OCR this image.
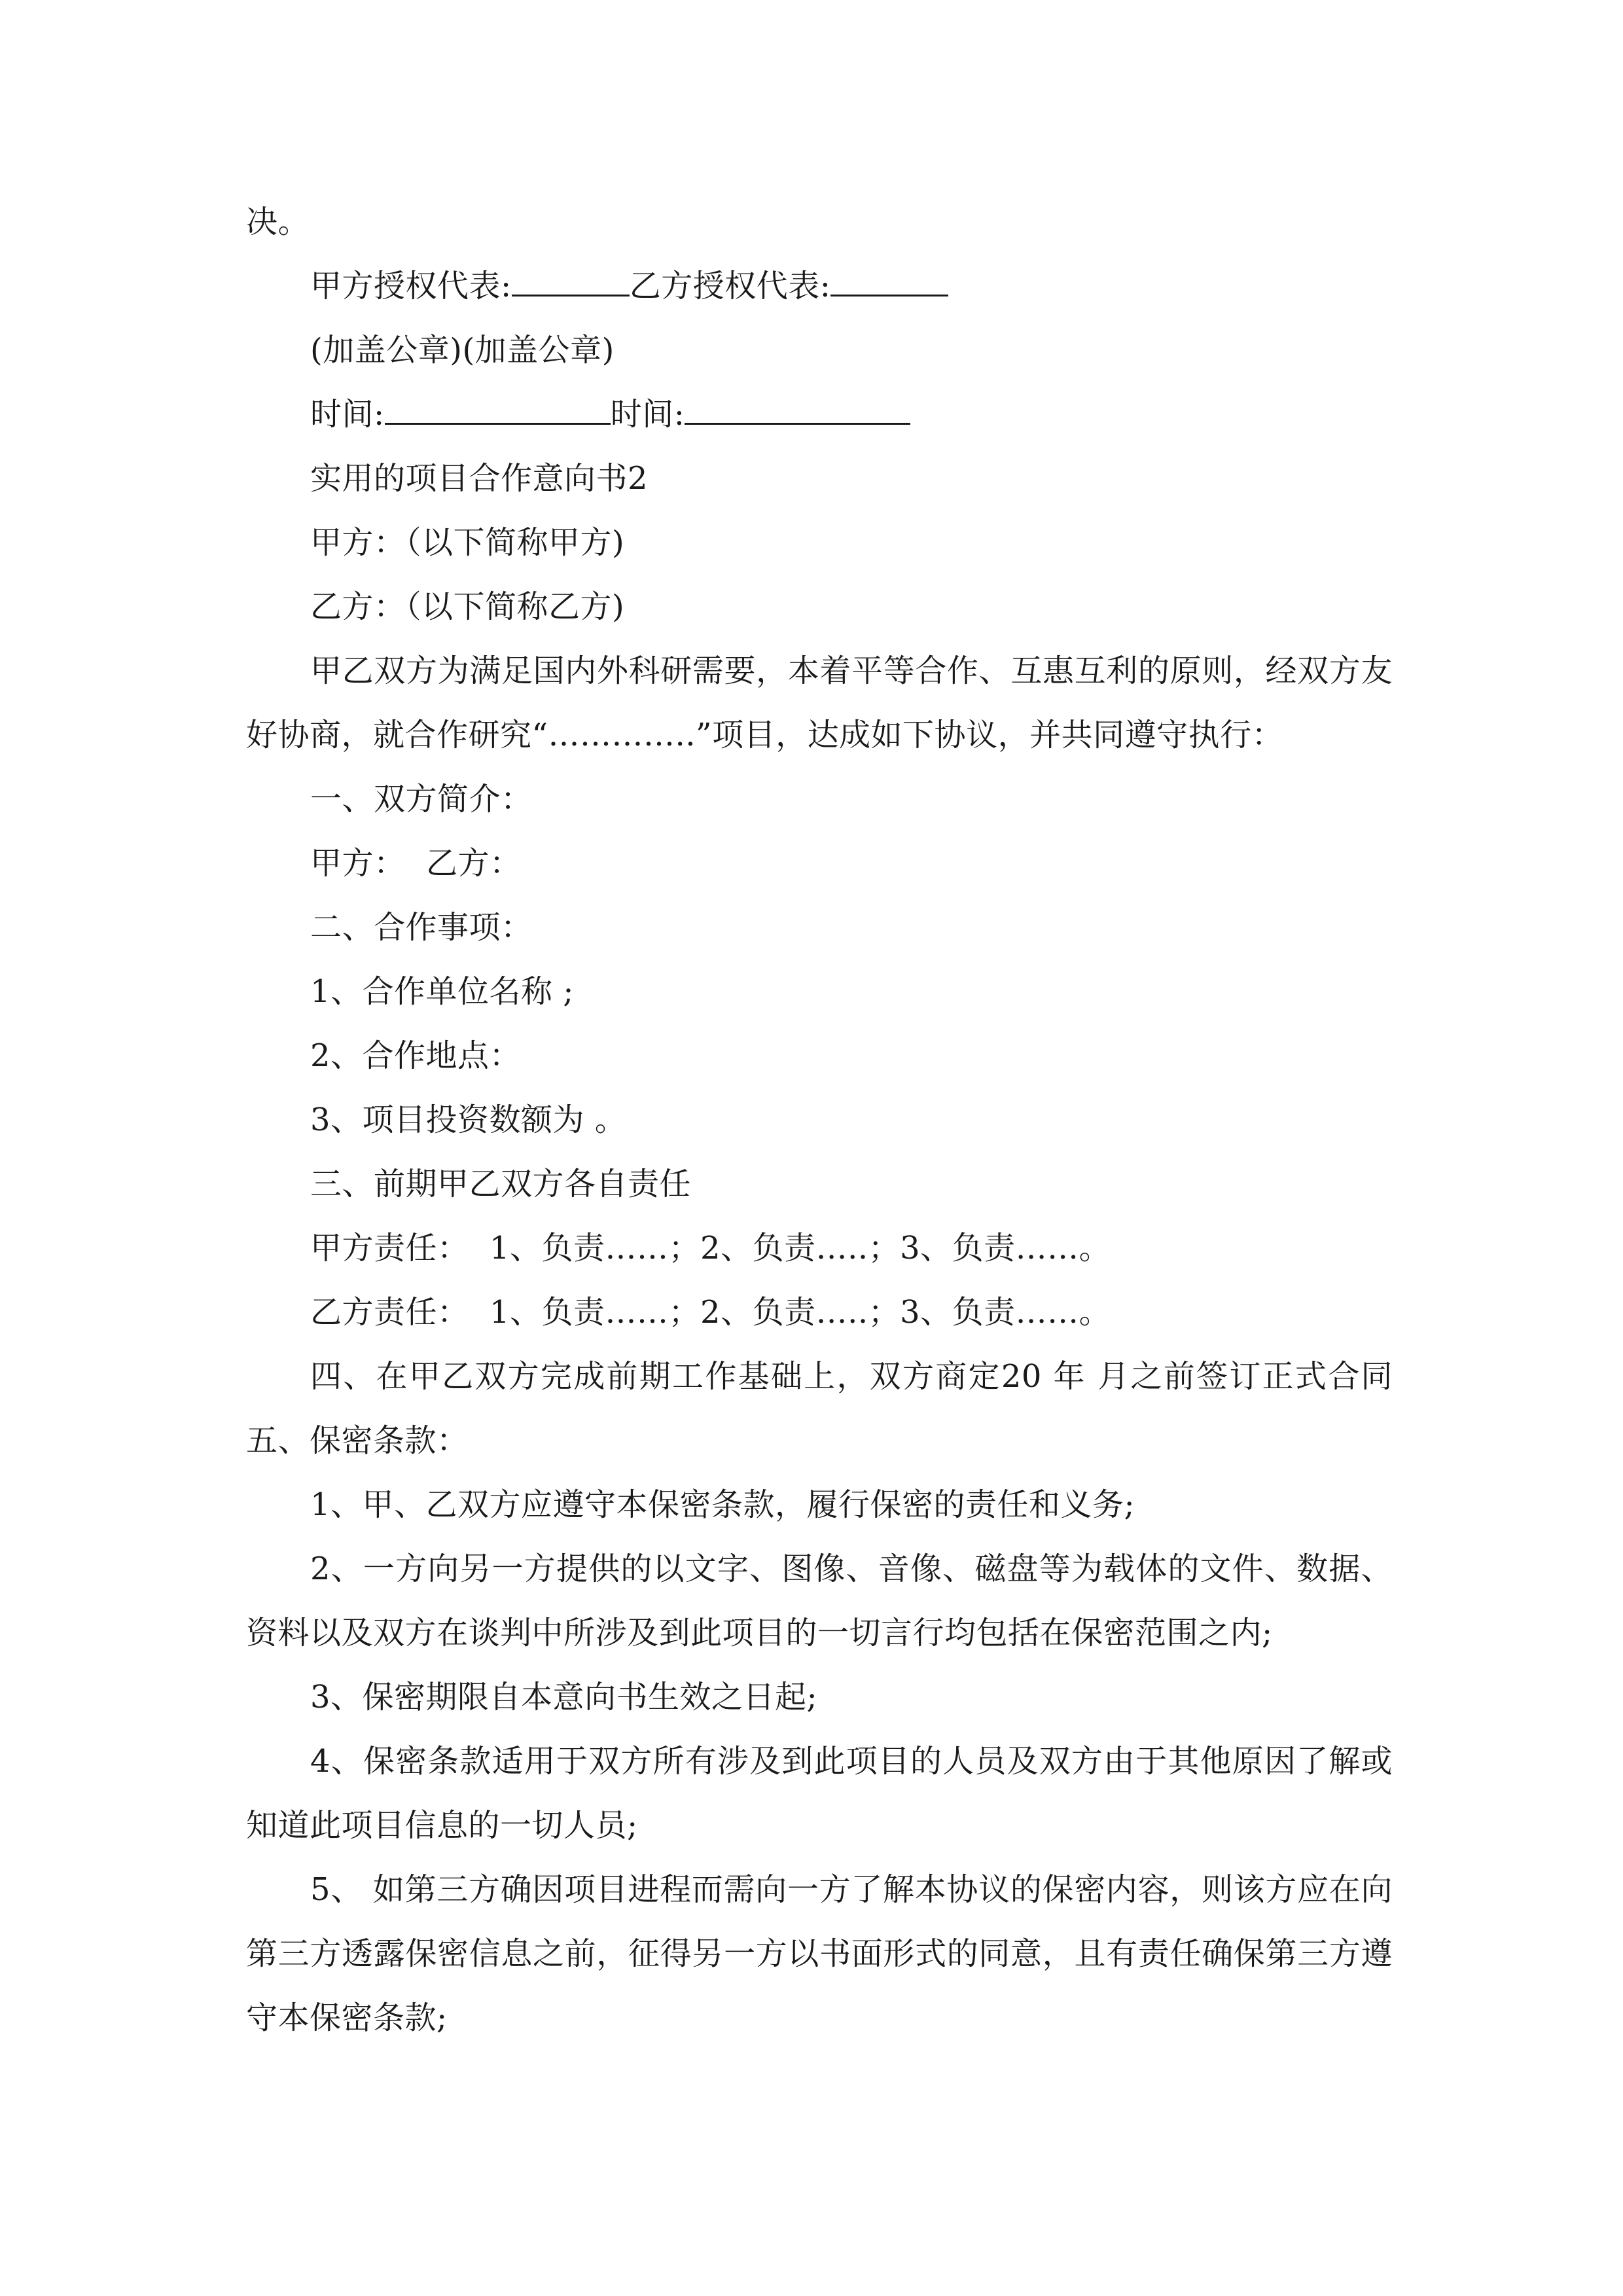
决。

甲方授权代表:	乙方授权代表:

(加盖公章)(加盖公章)

时间:	时间:

实用的项目合作意向书2

甲方：（以下简称甲方)

乙方：（以下简称乙方)

甲乙双方为满足国内外科研需要，本着平等合作、互惠互利的原则，经双方友好协商，就合作研究“…………..”项目，达成如下协议，并共同遵守执行：

一、双方简介：

甲方：  乙方：

二、合作事项：

1、合作单位名称 ;

2、合作地点：

3、项目投资数额为 。

三、前期甲乙双方各自责任

甲方责任：  1、负责……；2、负责…..；3、负责……。

乙方责任：  1、负责……；2、负责…..；3、负责……。

四、在甲乙双方完成前期工作基础上，双方商定20 年 月之前签订正式合同 五、保密条款：

1、甲、乙双方应遵守本保密条款，履行保密的责任和义务;

2、一方向另一方提供的以文字、图像、音像、磁盘等为载体的文件、数据、资料以及双方在谈判中所涉及到此项目的一切言行均包括在保密范围之内;

3、保密期限自本意向书生效之日起;

4、保密条款适用于双方所有涉及到此项目的人员及双方由于其他原因了解或知道此项目信息的一切人员;

5、 如第三方确因项目进程而需向一方了解本协议的保密内容，则该方应在向第三方透露保密信息之前，征得另一方以书面形式的同意，且有责任确保第三方遵守本保密条款;
